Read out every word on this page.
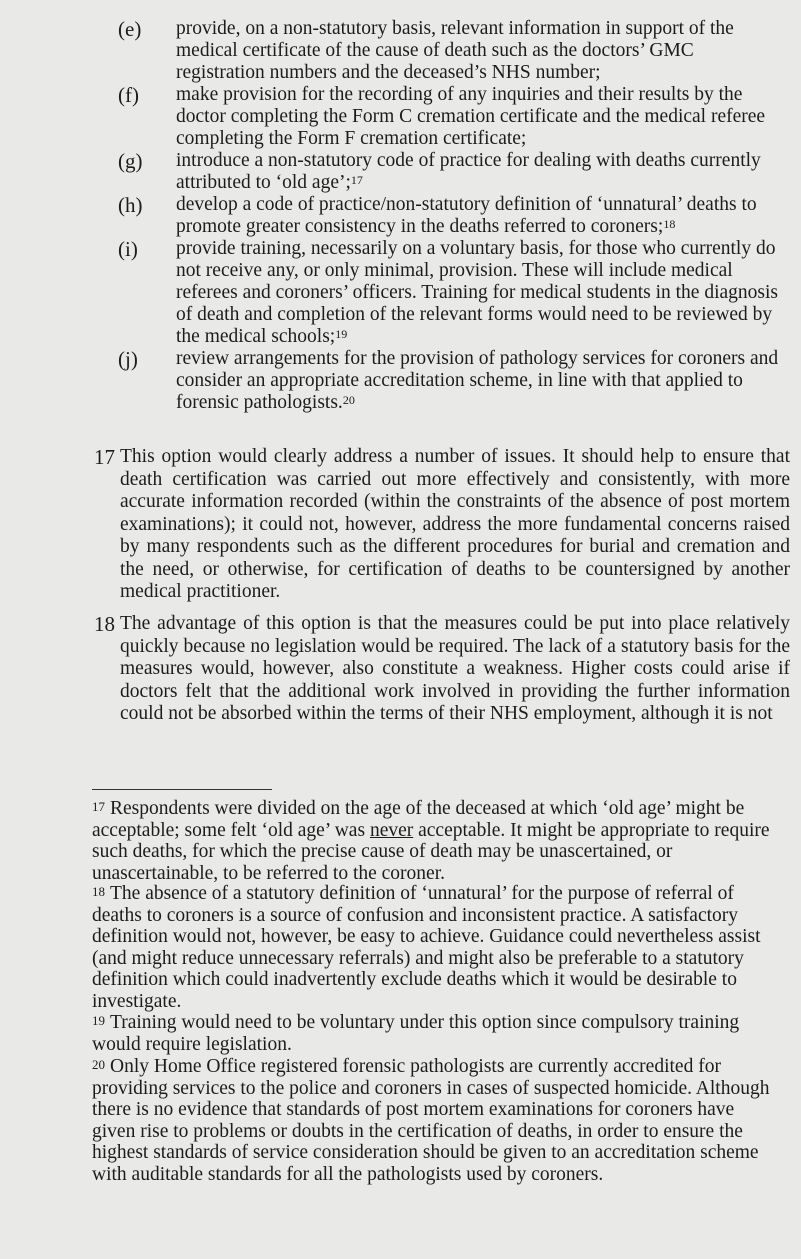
(e) provide, on a non-statutory basis, relevant information in support of the medical certificate of the cause of death such as the doctors’ GMC registration numbers and the deceased’s NHS number;
(f) make provision for the recording of any inquiries and their results by the doctor completing the Form C cremation certificate and the medical referee completing the Form F cremation certificate;
(g) introduce a non-statutory code of practice for dealing with deaths currently attributed to ‘old age’;$^{17}$
(h) develop a code of practice/non-statutory definition of ‘unnatural’ deaths to promote greater consistency in the deaths referred to coroners;$^{18}$
(i) provide training, necessarily on a voluntary basis, for those who currently do not receive any, or only minimal, provision. These will include medical referees and coroners’ officers. Training for medical students in the diagnosis of death and completion of the relevant forms would need to be reviewed by the medical schools;$^{19}$
(j) review arrangements for the provision of pathology services for coroners and consider an appropriate accreditation scheme, in line with that applied to forensic pathologists.$^{20}$
17 This option would clearly address a number of issues. It should help to ensure that death certification was carried out more effectively and consistently, with more accurate information recorded (within the constraints of the absence of post mortem examinations); it could not, however, address the more fundamental concerns raised by many respondents such as the different procedures for burial and cremation and the need, or otherwise, for certification of deaths to be countersigned by another medical practitioner.
18 The advantage of this option is that the measures could be put into place relatively quickly because no legislation would be required. The lack of a statutory basis for the measures would, however, also constitute a weakness. Higher costs could arise if doctors felt that the additional work involved in providing the further information could not be absorbed within the terms of their NHS employment, although it is not
$^{17}$ Respondents were divided on the age of the deceased at which ‘old age’ might be acceptable; some felt ‘old age’ was never acceptable. It might be appropriate to require such deaths, for which the precise cause of death may be unascertained, or unascertainable, to be referred to the coroner.
$^{18}$ The absence of a statutory definition of ‘unnatural’ for the purpose of referral of deaths to coroners is a source of confusion and inconsistent practice. A satisfactory definition would not, however, be easy to achieve. Guidance could nevertheless assist (and might reduce unnecessary referrals) and might also be preferable to a statutory definition which could inadvertently exclude deaths which it would be desirable to investigate.
$^{19}$ Training would need to be voluntary under this option since compulsory training would require legislation.
$^{20}$ Only Home Office registered forensic pathologists are currently accredited for providing services to the police and coroners in cases of suspected homicide. Although there is no evidence that standards of post mortem examinations for coroners have given rise to problems or doubts in the certification of deaths, in order to ensure the highest standards of service consideration should be given to an accreditation scheme with auditable standards for all the pathologists used by coroners.
